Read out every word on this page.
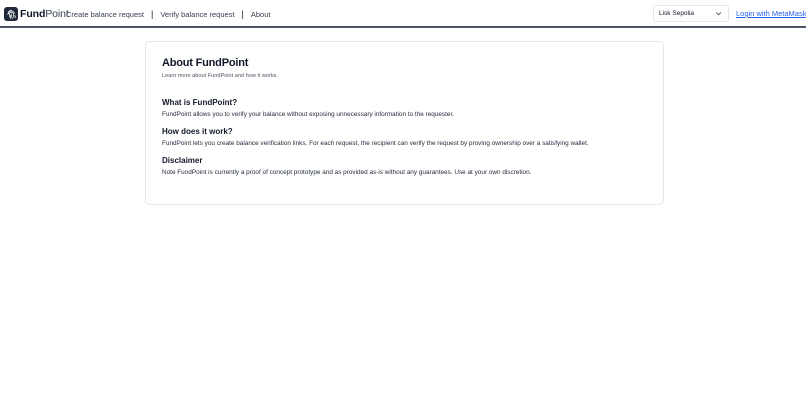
FundPoint
Create balance request | Verify balance request | About	Lisk Sepolia	Login with MetaMask
About FundPoint

Learn more about FundPoint and how it works.

What is FundPoint?

FundPoint allows you to verify your balance without exposing unnecessary information to the requester.

How does it work?

FundPoint lets you create balance verification links. For each request, the recipient can verify the request by proving ownership over a satisfying wallet.

Disclaimer

Note FundPoint is currently a proof of concept prototype and as provided as-is without any guarantees. Use at your own discretion.
